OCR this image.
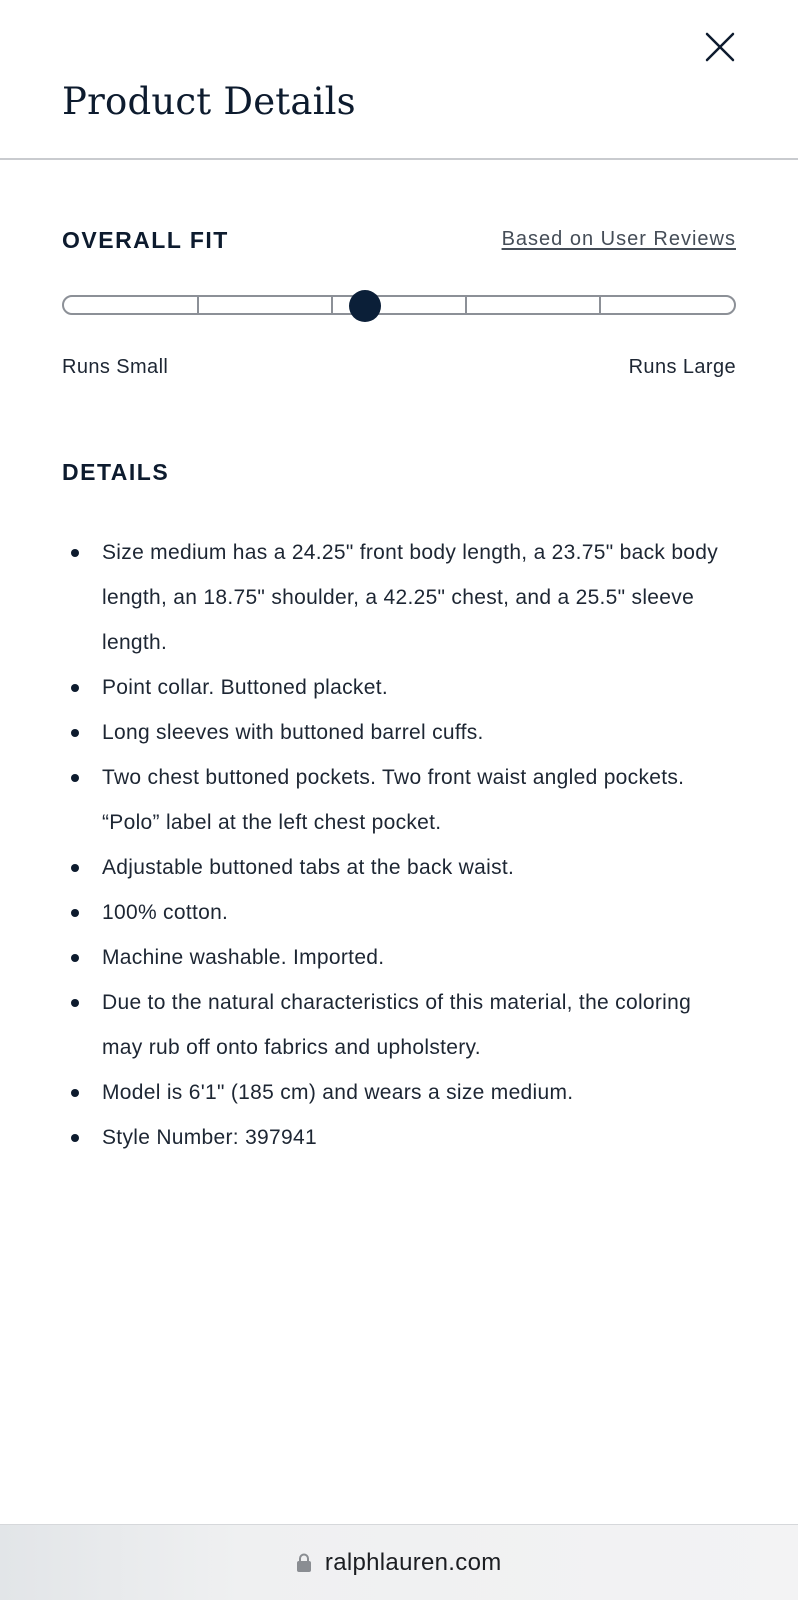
Product Details
OVERALL FIT	Based on User Reviews
Runs Small	Runs Large
DETAILS
Size medium has a 24.25" front body length, a 23.75" back body length, an 18.75" shoulder, a 42.25" chest, and a 25.5" sleeve length.
Point collar. Buttoned placket.
Long sleeves with buttoned barrel cuffs.
Two chest buttoned pockets. Two front waist angled pockets. “Polo” label at the left chest pocket.
Adjustable buttoned tabs at the back waist.
100% cotton.
Machine washable. Imported.
Due to the natural characteristics of this material, the coloring may rub off onto fabrics and upholstery.
Model is 6'1" (185 cm) and wears a size medium.
Style Number: 397941
ralphlauren.com
